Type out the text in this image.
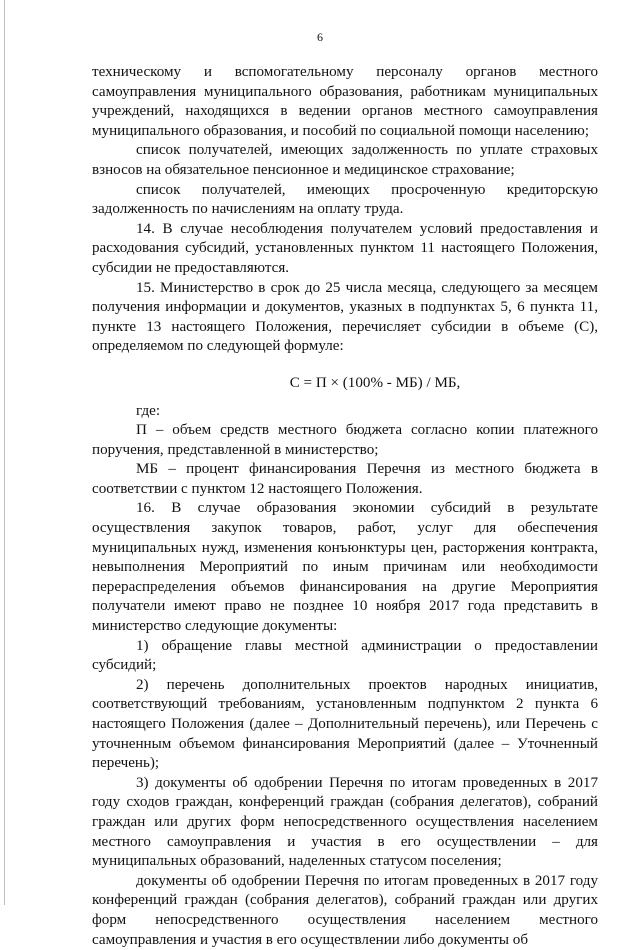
6

техническому и вспомогательному персоналу органов местного самоуправления муниципального образования, работникам муниципальных учреждений, находящихся в ведении органов местного самоуправления муниципального образования, и пособий по социальной помощи населению;

список получателей, имеющих задолженность по уплате страховых взносов на обязательное пенсионное и медицинское страхование;

список получателей, имеющих просроченную кредиторскую задолженность по начислениям на оплату труда.

14. В случае несоблюдения получателем условий предоставления и расходования субсидий, установленных пунктом 11 настоящего Положения, субсидии не предоставляются.

15. Министерство в срок до 25 числа месяца, следующего за месяцем получения информации и документов, указных в подпунктах 5, 6 пункта 11, пункте 13 настоящего Положения, перечисляет субсидии в объеме (С), определяемом по следующей формуле:

С = П × (100% - МБ) / МБ,

где:

П – объем средств местного бюджета согласно копии платежного поручения, представленной в министерство;

МБ – процент финансирования Перечня из местного бюджета в соответствии с пунктом 12 настоящего Положения.

16. В случае образования экономии субсидий в результате осуществления закупок товаров, работ, услуг для обеспечения муниципальных нужд, изменения конъюнктуры цен, расторжения контракта, невыполнения Мероприятий по иным причинам или необходимости перераспределения объемов финансирования на другие Мероприятия получатели имеют право не позднее 10 ноября 2017 года представить в министерство следующие документы:

1) обращение главы местной администрации о предоставлении субсидий;

2) перечень дополнительных проектов народных инициатив, соответствующий требованиям, установленным подпунктом 2 пункта 6 настоящего Положения (далее – Дополнительный перечень), или Перечень с уточненным объемом финансирования Мероприятий (далее – Уточненный перечень);

3) документы об одобрении Перечня по итогам проведенных в 2017 году сходов граждан, конференций граждан (собрания делегатов), собраний граждан или других форм непосредственного осуществления населением местного самоуправления и участия в его осуществлении – для муниципальных образований, наделенных статусом поселения;

документы об одобрении Перечня по итогам проведенных в 2017 году конференций граждан (собрания делегатов), собраний граждан или других форм непосредственного осуществления населением местного самоуправления и участия в его осуществлении либо документы об
